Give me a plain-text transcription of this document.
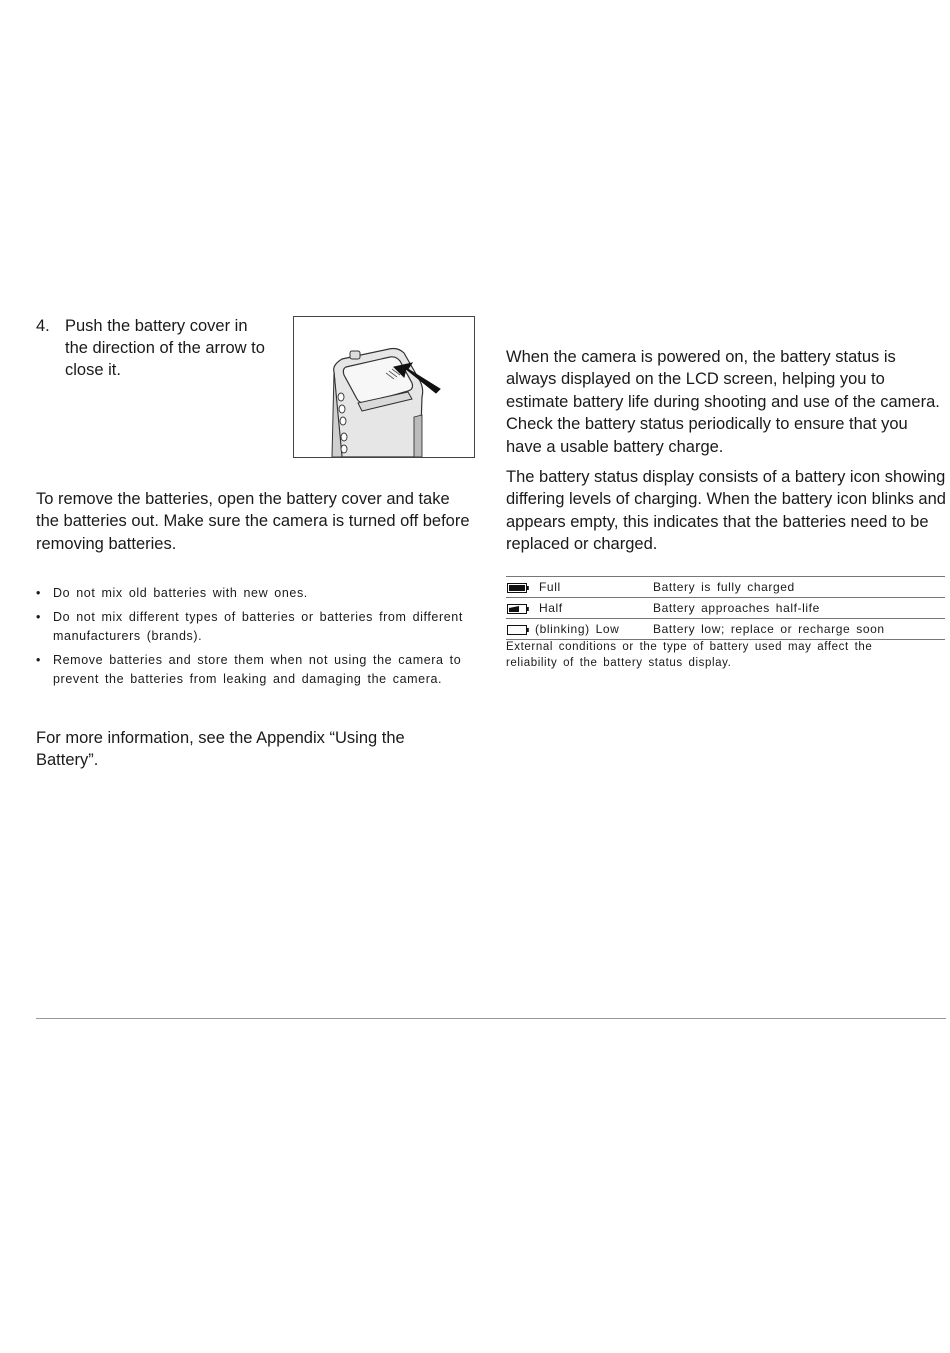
4. Push the battery cover in the direction of the arrow to close it.
To remove the batteries, open the battery cover and take the batteries out. Make sure the camera is turned off before removing batteries.
• Do not mix old batteries with new ones.
• Do not mix different types of batteries or batteries from different manufacturers (brands).
• Remove batteries and store them when not using the camera to prevent the batteries from leaking and damaging the camera.
For more information, see the Appendix “Using the Battery”.
When the camera is powered on, the battery status is always displayed on the LCD screen, helping you to estimate battery life during shooting and use of the camera. Check the battery status periodically to ensure that you have a usable battery charge.
The battery status display consists of a battery icon showing differing levels of charging. When the battery icon blinks and appears empty, this indicates that the batteries need to be replaced or charged.
Full	Battery is fully charged
Half	Battery approaches half-life
(blinking) Low	Battery low; replace or recharge soon
External conditions or the type of battery used may affect the reliability of the battery status display.
